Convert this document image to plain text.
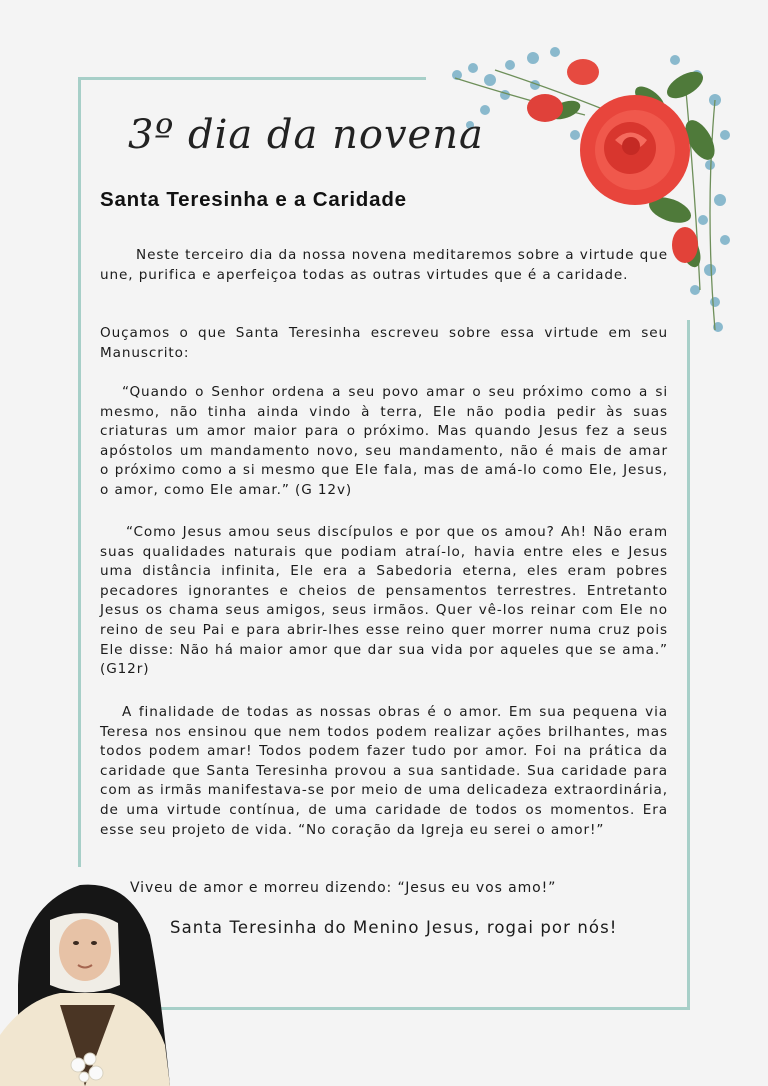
3º dia da novena
Santa Teresinha e a Caridade

Neste terceiro dia da nossa novena meditaremos sobre a virtude que une, purifica e aperfeiçoa todas as outras virtudes que é a caridade.

Ouçamos o que Santa Teresinha escreveu sobre essa virtude em seu Manuscrito:

“Quando o Senhor ordena a seu povo amar o seu próximo como a si mesmo, não tinha ainda vindo à terra, Ele não podia pedir às suas criaturas um amor maior para o próximo. Mas quando Jesus fez a seus apóstolos um mandamento novo, seu mandamento, não é mais de amar o próximo como a si mesmo que Ele fala, mas de amá-lo como Ele, Jesus, o amor, como Ele amar.” (G 12v)

“Como Jesus amou seus discípulos e por que os amou? Ah! Não eram suas qualidades naturais que podiam atraí-lo, havia entre eles e Jesus uma distância infinita, Ele era a Sabedoria eterna, eles eram pobres pecadores ignorantes e cheios de pensamentos terrestres. Entretanto Jesus os chama seus amigos, seus irmãos. Quer vê-los reinar com Ele no reino de seu Pai e para abrir-lhes esse reino quer morrer numa cruz pois Ele disse: Não há maior amor que dar sua vida por aqueles que se ama.” (G12r)

A finalidade de todas as nossas obras é o amor. Em sua pequena via Teresa nos ensinou que nem todos podem realizar ações brilhantes, mas todos podem amar! Todos podem fazer tudo por amor. Foi na prática da caridade que Santa Teresinha provou a sua santidade. Sua caridade para com as irmãs manifestava-se por meio de uma delicadeza extraordinária, de uma virtude contínua, de uma caridade de todos os momentos. Era esse seu projeto de vida. “No coração da Igreja eu serei o amor!”

Viveu de amor e morreu dizendo: “Jesus eu vos amo!”
Santa Teresinha do Menino Jesus, rogai por nós!
